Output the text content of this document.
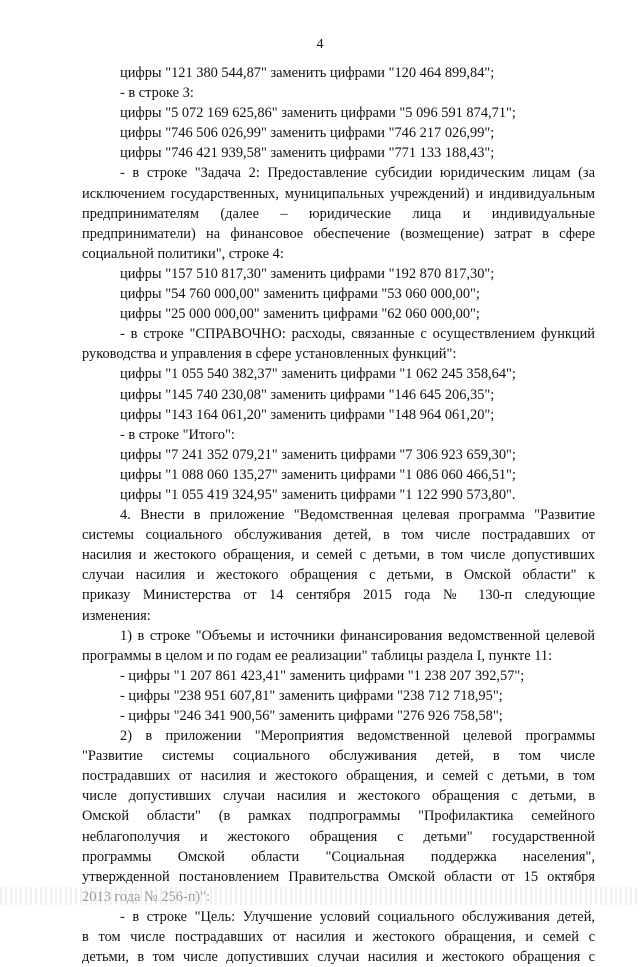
4
цифры "121 380 544,87" заменить цифрами "120 464 899,84";
- в строке 3:
цифры "5 072 169 625,86" заменить цифрами "5 096 591 874,71";
цифры "746 506 026,99" заменить цифрами "746 217 026,99";
цифры "746 421 939,58" заменить цифрами "771 133 188,43";
- в строке "Задача 2: Предоставление субсидии юридическим лицам (за
исключением государственных, муниципальных учреждений) и индивидуальным
предпринимателям (далее – юридические лица и индивидуальные
предприниматели) на финансовое обеспечение (возмещение) затрат в сфере
социальной политики", строке 4:
цифры "157 510 817,30" заменить цифрами "192 870 817,30";
цифры "54 760 000,00" заменить цифрами "53 060 000,00";
цифры "25 000 000,00" заменить цифрами "62 060 000,00";
- в строке "СПРАВОЧНО: расходы, связанные с осуществлением функций
руководства и управления в сфере установленных функций":
цифры "1 055 540 382,37" заменить цифрами "1 062 245 358,64";
цифры "145 740 230,08" заменить цифрами "146 645 206,35";
цифры "143 164 061,20" заменить цифрами "148 964 061,20";
- в строке "Итого":
цифры "7 241 352 079,21" заменить цифрами "7 306 923 659,30";
цифры "1 088 060 135,27" заменить цифрами "1 086 060 466,51";
цифры "1 055 419 324,95" заменить цифрами "1 122 990 573,80".
4. Внести в приложение "Ведомственная целевая программа "Развитие
системы социального обслуживания детей, в том числе пострадавших от
насилия и жестокого обращения, и семей с детьми, в том числе допустивших
случаи насилия и жестокого обращения с детьми, в Омской области" к
приказу Министерства от 14 сентября 2015 года № 130-п следующие
изменения:
1) в строке "Объемы и источники финансирования ведомственной целевой
программы в целом и по годам ее реализации" таблицы раздела I, пункте 11:
- цифры "1 207 861 423,41" заменить цифрами "1 238 207 392,57";
- цифры "238 951 607,81" заменить цифрами "238 712 718,95";
- цифры "246 341 900,56" заменить цифрами "276 926 758,58";
2) в приложении "Мероприятия ведомственной целевой программы
"Развитие системы социального обслуживания детей, в том числе
пострадавших от насилия и жестокого обращения, и семей с детьми, в том
числе допустивших случаи насилия и жестокого обращения с детьми, в
Омской области" (в рамках подпрограммы "Профилактика семейного
неблагополучия и жестокого обращения с детьми" государственной
программы Омской области "Социальная поддержка населения",
утвержденной постановлением Правительства Омской области от 15 октября
- в строке "Цель: Улучшение условий социального обслуживания детей,
в том числе пострадавших от насилия и жестокого обращения, и семей с
детьми, в том числе допустивших случаи насилия и жестокого обращения с
